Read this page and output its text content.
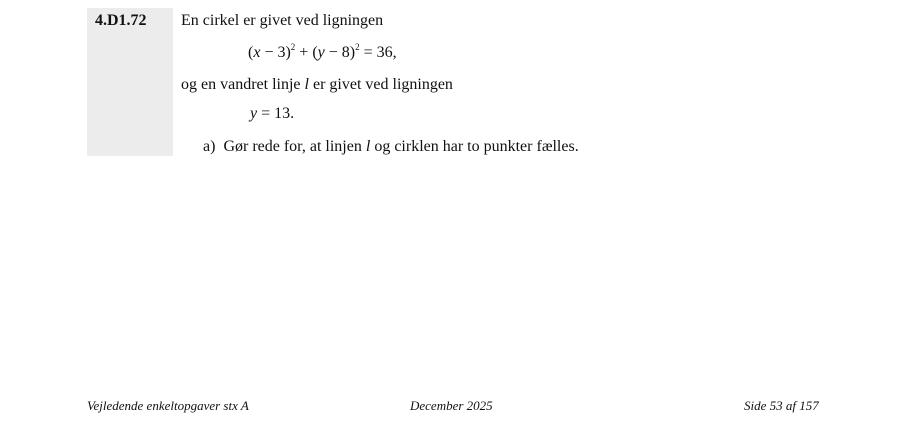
4.D1.72 En cirkel er givet ved ligningen
$(x - 3)^2 + (y - 8)^2 = 36$,
og en vandret linje l er givet ved ligningen
y = 13.
a) Gør rede for, at linjen l og cirklen har to punkter fælles.
Vejledende enkeltopgaver stx A	December 2025	Side 53 af 157
